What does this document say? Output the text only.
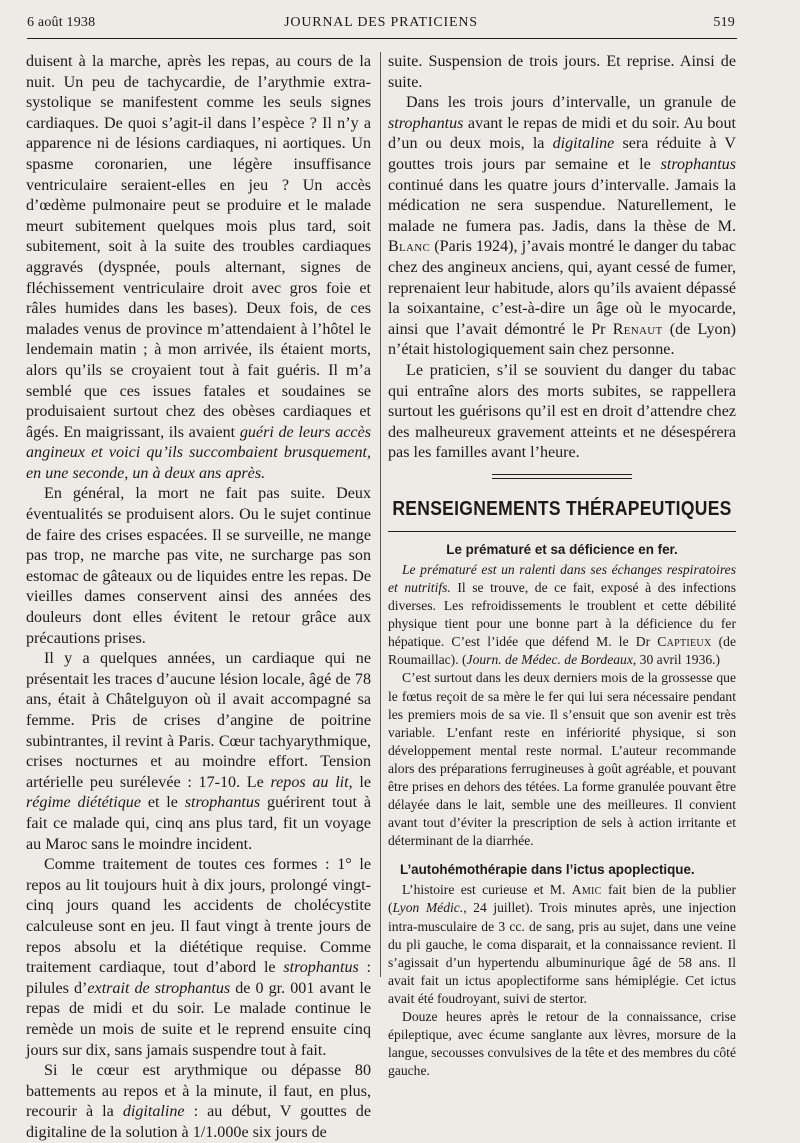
6 août 1938	JOURNAL DES PRATICIENS	519

duisent à la marche, après les repas, au cours de la nuit. Un peu de tachycardie, de l’arythmie extra-systolique se manifestent comme les seuls signes cardiaques. De quoi s’agit-il dans l’espèce ? Il n’y a apparence ni de lésions cardiaques, ni aortiques. Un spasme coronarien, une légère insuffisance ventriculaire seraient-elles en jeu ? Un accès d’œdème pulmonaire peut se produire et le malade meurt subitement quelques mois plus tard, soit subitement, soit à la suite des troubles cardiaques aggravés (dyspnée, pouls alternant, signes de fléchissement ventriculaire droit avec gros foie et râles humides dans les bases). Deux fois, de ces malades venus de province m’attendaient à l’hôtel le lendemain matin ; à mon arrivée, ils étaient morts, alors qu’ils se croyaient tout à fait guéris. Il m’a semblé que ces issues fatales et soudaines se produisaient surtout chez des obèses cardiaques et âgés. En maigrissant, ils avaient guéri de leurs accès angineux et voici qu’ils succombaient brusquement, en une seconde, un à deux ans après.

En général, la mort ne fait pas suite. Deux éventualités se produisent alors. Ou le sujet continue de faire des crises espacées. Il se surveille, ne mange pas trop, ne marche pas vite, ne surcharge pas son estomac de gâteaux ou de liquides entre les repas. De vieilles dames conservent ainsi des années des douleurs dont elles évitent le retour grâce aux précautions prises.

Il y a quelques années, un cardiaque qui ne présentait les traces d’aucune lésion locale, âgé de 78 ans, était à Châtelguyon où il avait accompagné sa femme. Pris de crises d’angine de poitrine subintrantes, il revint à Paris. Cœur tachyarythmique, crises nocturnes et au moindre effort. Tension artérielle peu surélevée : 17-10. Le repos au lit, le régime diététique et le strophantus guérirent tout à fait ce malade qui, cinq ans plus tard, fit un voyage au Maroc sans le moindre incident.

Comme traitement de toutes ces formes : 1° le repos au lit toujours huit à dix jours, prolongé vingt-cinq jours quand les accidents de cholécystite calculeuse sont en jeu. Il faut vingt à trente jours de repos absolu et la diététique requise. Comme traitement cardiaque, tout d’abord le strophantus : pilules d’extrait de strophantus de 0 gr. 001 avant le repas de midi et du soir. Le malade continue le remède un mois de suite et le reprend ensuite cinq jours sur dix, sans jamais suspendre tout à fait.

Si le cœur est arythmique ou dépasse 80 battements au repos et à la minute, il faut, en plus, recourir à la digitaline : au début, V gouttes de digitaline de la solution à 1/1.000e six jours de

suite. Suspension de trois jours. Et reprise. Ainsi de suite.

Dans les trois jours d’intervalle, un granule de strophantus avant le repas de midi et du soir. Au bout d’un ou deux mois, la digitaline sera réduite à V gouttes trois jours par semaine et le strophantus continué dans les quatre jours d’intervalle. Jamais la médication ne sera suspendue. Naturellement, le malade ne fumera pas. Jadis, dans la thèse de M. Blanc (Paris 1924), j’avais montré le danger du tabac chez des angineux anciens, qui, ayant cessé de fumer, reprenaient leur habitude, alors qu’ils avaient dépassé la soixantaine, c’est-à-dire un âge où le myocarde, ainsi que l’avait démontré le Pr Renaut (de Lyon) n’était histologiquement sain chez personne.

Le praticien, s’il se souvient du danger du tabac qui entraîne alors des morts subites, se rappellera surtout les guérisons qu’il est en droit d’attendre chez des malheureux gravement atteints et ne désespérera pas les familles avant l’heure.

RENSEIGNEMENTS THÉRAPEUTIQUES
Le prématuré et sa déficience en fer.

Le prématuré est un ralenti dans ses échanges respiratoires et nutritifs. Il se trouve, de ce fait, exposé à des infections diverses. Les refroidissements le troublent et cette débilité physique tient pour une bonne part à la déficience du fer hépatique. C’est l’idée que défend M. le Dr Captieux (de Roumaillac). (Journ. de Médec. de Bordeaux, 30 avril 1936.)

C’est surtout dans les deux derniers mois de la grossesse que le fœtus reçoit de sa mère le fer qui lui sera nécessaire pendant les premiers mois de sa vie. Il s’ensuit que son avenir est très variable. L’enfant reste en infériorité physique, si son développement mental reste normal. L’auteur recommande alors des préparations ferrugineuses à goût agréable, et pouvant être prises en dehors des tétées. La forme granulée pouvant être délayée dans le lait, semble une des meilleures. Il convient avant tout d’éviter la prescription de sels à action irritante et déterminant de la diarrhée.

L’autohémothérapie dans l’ictus apoplectique.

L’histoire est curieuse et M. Amic fait bien de la publier (Lyon Médic., 24 juillet). Trois minutes après, une injection intra-musculaire de 3 cc. de sang, pris au sujet, dans une veine du pli gauche, le coma disparait, et la connaissance revient. Il s’agissait d’un hypertendu albuminurique âgé de 58 ans. Il avait fait un ictus apoplectiforme sans hémiplégie. Cet ictus avait été foudroyant, suivi de stertor.

Douze heures après le retour de la connaissance, crise épileptique, avec écume sanglante aux lèvres, morsure de la langue, secousses convulsives de la tête et des membres du côté gauche.
